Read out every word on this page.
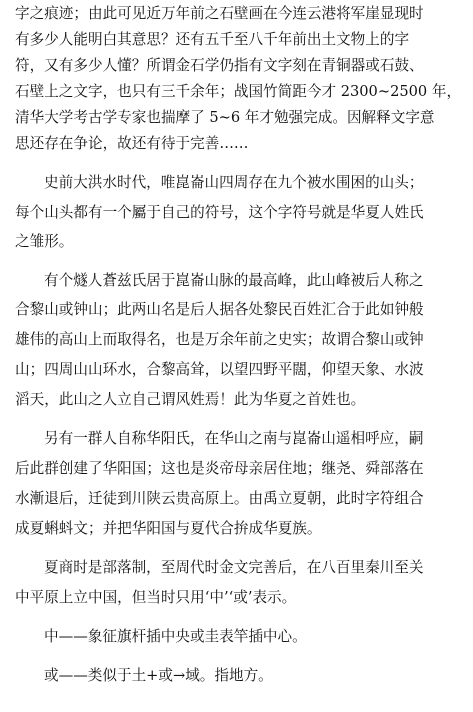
字之痕迹；由此可见近万年前之石壁画在今连云港将军崖显现时
有多少人能明白其意思？还有五千至八千年前出土文物上的字
符，又有多少人懂？所谓金石学仍指有文字刻在青铜器或石鼓、
石壁上之文字，也只有三千余年；战国竹简距今才 2300~2500 年，
清华大学考古学专家也揣摩了 5~6 年才勉强完成。因解释文字意
思还存在争论，故还有待于完善……
史前大洪水时代，唯崑崙山四周存在九个被水围困的山头；
每个山头都有一个屬于自己的符号，这个字符号就是华夏人姓氏
之雏形。
有个燧人蒼兹氏居于崑崙山脉的最高峰，此山峰被后人称之
合黎山或钟山；此两山名是后人据各处黎民百姓汇合于此如钟般
雄伟的高山上而取得名，也是万余年前之史实；故谓合黎山或钟
山；四周山山环水，合黎高耸，以望四野平闊，仰望天象、水波
滔天，此山之人立自己谓风姓焉！此为华夏之首姓也。
另有一群人自称华阳氏，在华山之南与崑崙山遥相呼应，嗣
后此群创建了华阳国；这也是炎帝母亲居住地；继尧、舜部落在
水漸退后，迁徒到川陕云贵高原上。由禹立夏朝，此时字符组合
成夏蝌蚪文；并把华阳国与夏代合拚成华夏族。
夏商时是部落制，至周代时金文完善后，在八百里秦川至关
中平原上立中国，但当时只用‘中’‘或’表示。
中——象征旗杆插中央或圭表竿插中心。
或——类似于土+或→域。指地方。
